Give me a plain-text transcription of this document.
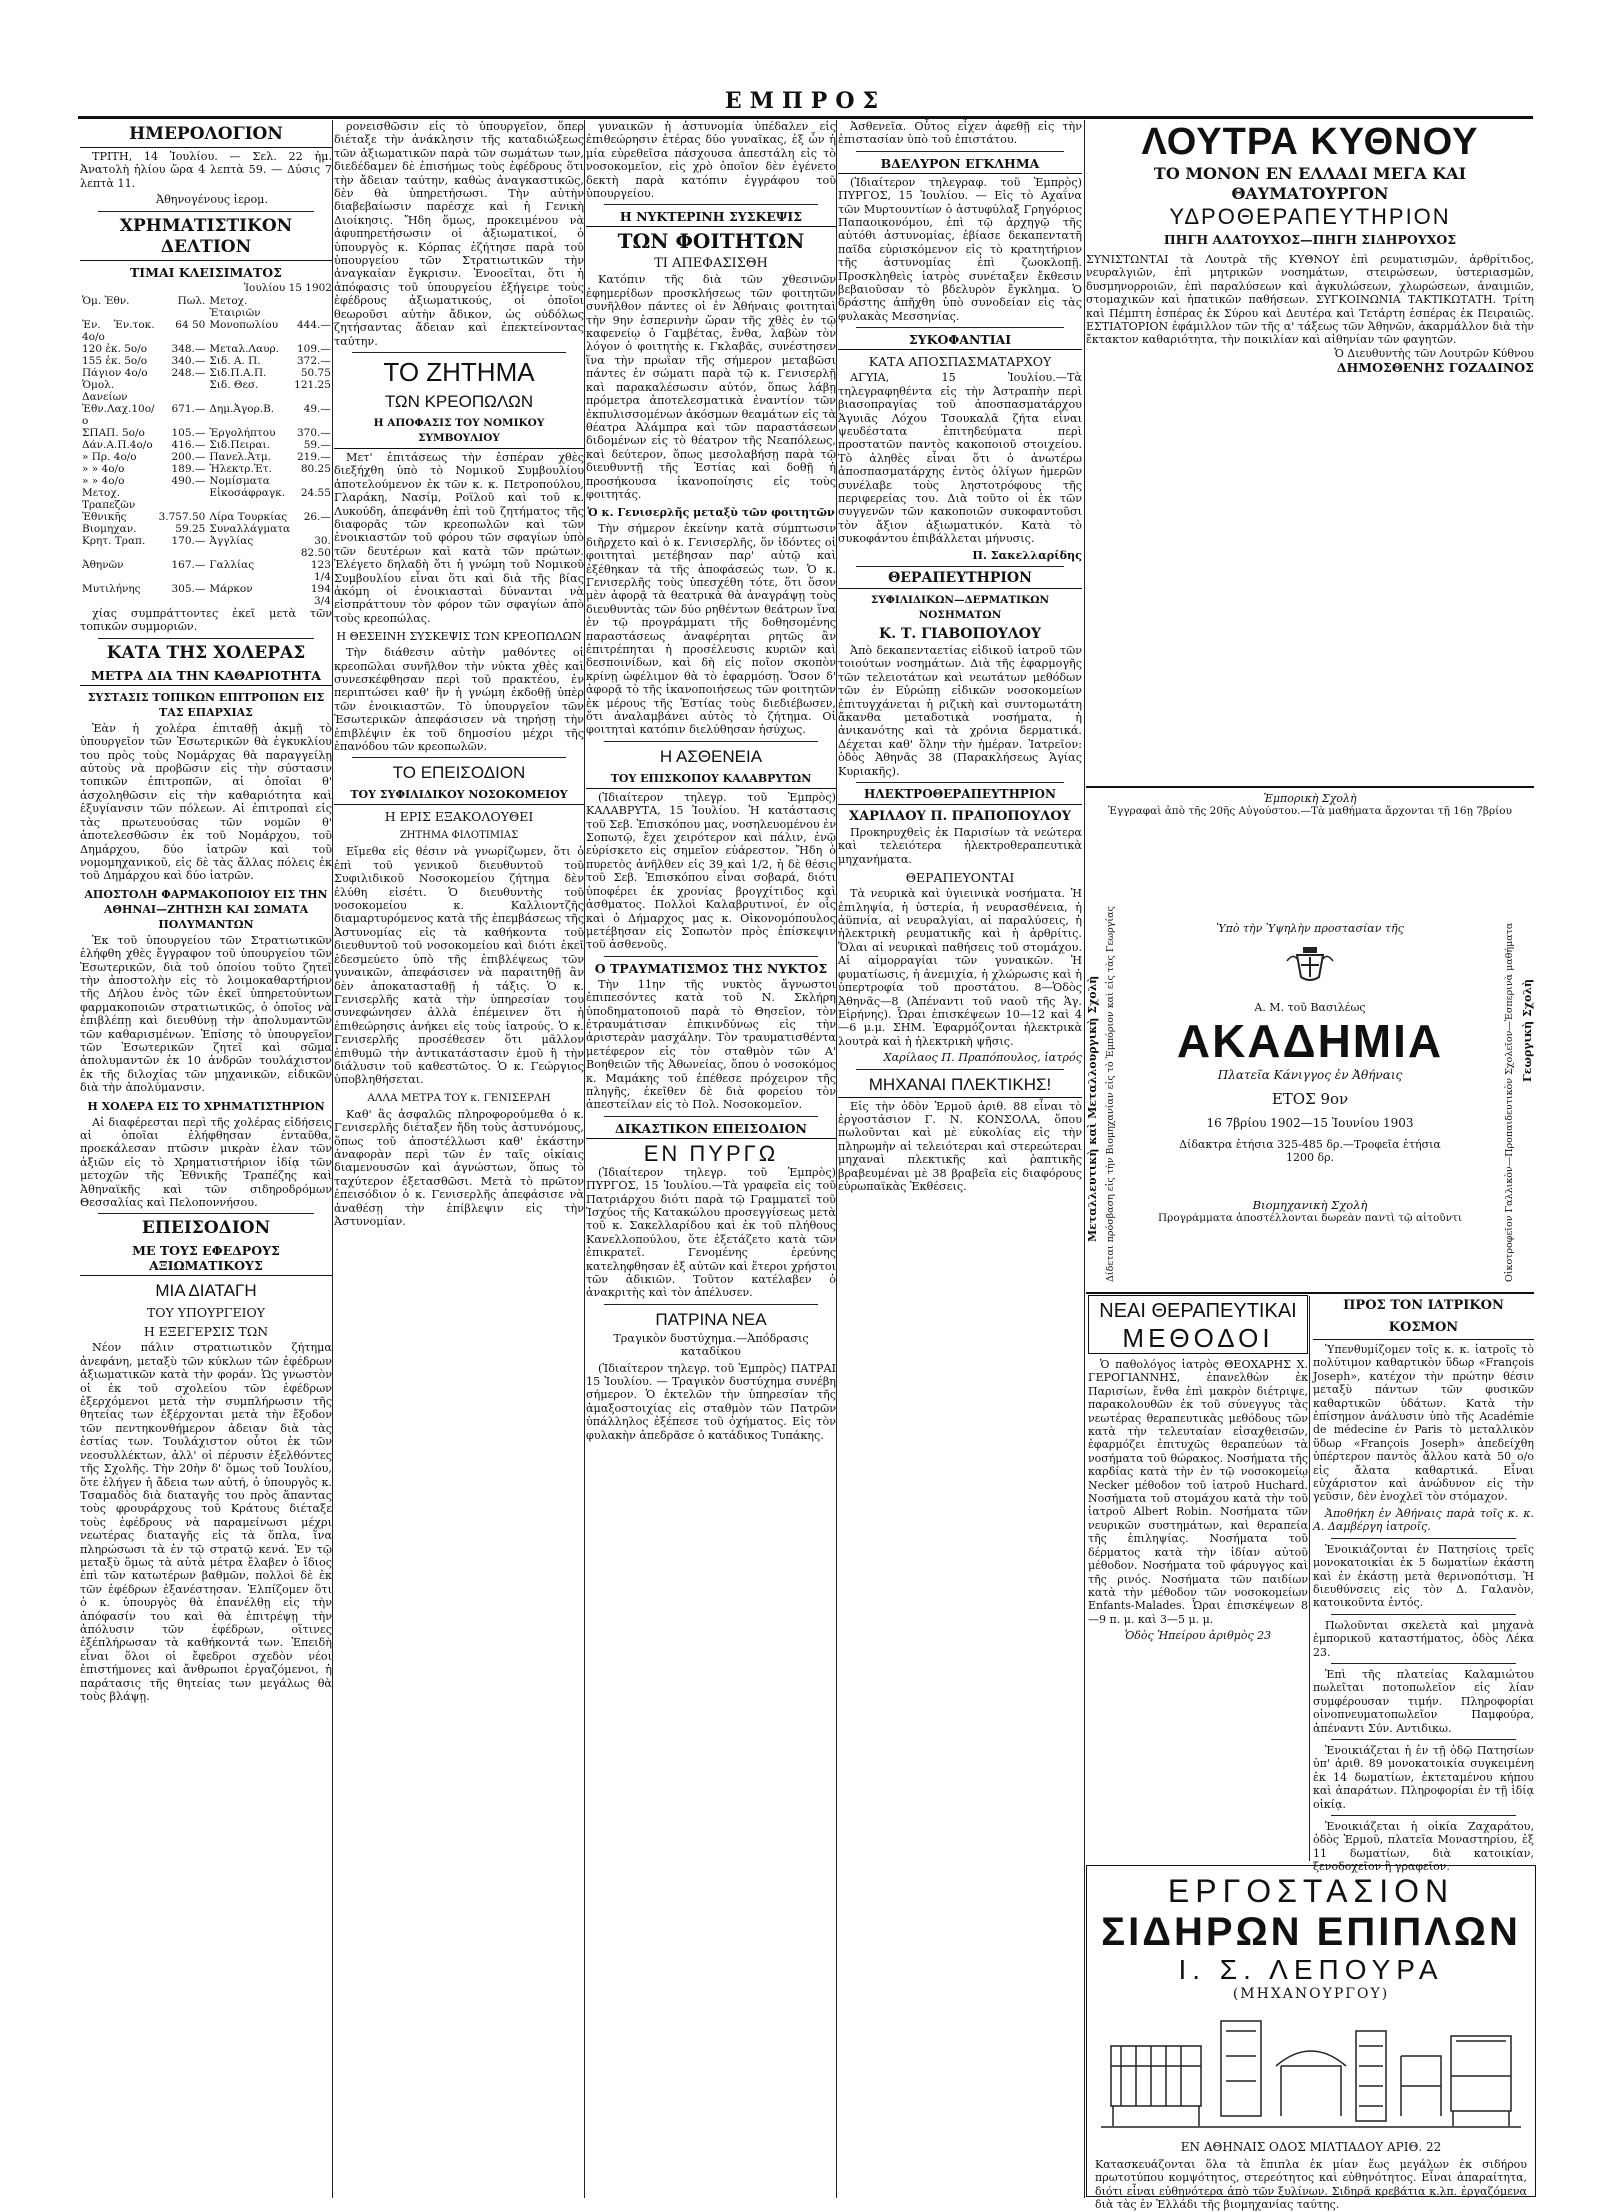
ΕΜΠΡΟΣ
ΗΜΕΡΟΛΟΓΙΟΝ

ΤΡΙΤΗ, 14 Ἰουλίου. — Σελ. 22 ἡμ. Ἀνατολὴ ἡλίου ὥρα 4 λεπτὰ 59. — Δύσις 7 λεπτὰ 11.

Ἀθηνογένους ἱερομ.

ΧΡΗΜΑΤΙΣΤΙΚΟΝ ΔΕΛΤΙΟΝ
ΤΙΜΑΙ ΚΛΕΙΣΙΜΑΤΟΣ
Ἰουλίου 15 1902
Ὁμ. Ἐθν.	Πωλ.	Μετοχ. Ἐταιριῶν	
Ἐν. Ἐν.τοκ. 4ο/ο	64 50	Μονοπωλίου	444.—
120 ἐκ. 5ο/ο	348.—	Μεταλ.Λαυρ.	109.—
155 ἐκ. 5ο/ο	340.—	Σιδ. Α. Π.	372.—
Πάγιον 4ο/ο	248.—	Σιδ.Π.Α.Π.	50.75
Ὁμολ. Δανείων		Σιδ. Θεσ.	121.25
Ἐθν.Λαχ.10ο/ο	671.—	Δημ.Ἀγορ.Β.	49.—
ΣΠΑΠ. 5ο/ο	105.—	Ἐργολήπτου	370.—
Δάν.Α.Π.4ο/ο	416.—	Σιδ.Πειραι.	59.—
» Πρ. 4ο/ο	200.—	Πανελ.Ἀτμ.	219.—
» » 4ο/ο	189.—	Ἠλεκτρ.Ἐτ.	80.25
» » 4ο/ο	490.—	Νομίσματα	
Μετοχ. Τραπεζῶν		Εἰκοσάφραγκ.	24.55
Ἐθνικῆς	3.757.50	Λίρα Τουρκίας	26.—
Βιομηχαν.	59.25	Συναλλάγματα	
Κρητ. Τραπ.	170.—	Ἀγγλίας	30. 82.50
Ἀθηνῶν	167.—	Γαλλίας	123 1/4
Μυτιλήνης	305.—	Μάρκον	194 3/4

χίας συμπράττοντες ἐκεῖ μετὰ τῶν τοπικῶν συμμοριῶν.

ΚΑΤΑ ΤΗΣ ΧΟΛΕΡΑΣ
ΜΕΤΡΑ ΔΙΑ ΤΗΝ ΚΑΘΑΡΙΟΤΗΤΑ
ΣΥΣΤΑΣΙΣ ΤΟΠΙΚΩΝ ΕΠΙΤΡΟΠΩΝ ΕΙΣ ΤΑΣ ΕΠΑΡΧΙΑΣ

Ἐὰν ἡ χολέρα ἐπιταθῇ ἀκμῇ τὸ ὑπουργεῖον τῶν Ἐσωτερικῶν θὰ ἐγκυκλίου του πρὸς τοὺς Νομάρχας θὰ παραγγείλῃ αὐτοὺς νὰ προβῶσιν εἰς τὴν σύστασιν τοπικῶν ἐπιτροπῶν, αἱ ὁποῖαι θ' ἀσχοληθῶσιν εἰς τὴν καθαριότητα καὶ ἐξυγίανσιν τῶν πόλεων. Αἱ ἐπιτροπαὶ εἰς τὰς πρωτευούσας τῶν νομῶν θ' ἀποτελεσθῶσιν ἐκ τοῦ Νομάρχου, τοῦ Δημάρχου, δύο ἰατρῶν καὶ τοῦ νομομηχανικοῦ, εἰς δὲ τὰς ἄλλας πόλεις ἐκ τοῦ Δημάρχου καὶ δύο ἰατρῶν.

ΑΠΟΣΤΟΛΗ ΦΑΡΜΑΚΟΠΟΙΟΥ ΕΙΣ ΤΗΝ ΑΘΗΝΑΙ—ΖΗΤΗΣΗ ΚΑΙ ΣΩΜΑΤΑ ΠΟΛΥΜΑΝΤΩΝ

Ἐκ τοῦ ὑπουργείου τῶν Στρατιωτικῶν ἐλήφθη χθὲς ἔγγραφον τοῦ ὑπουργείου τῶν Ἐσωτερικῶν, διὰ τοῦ ὁποίου τοῦτο ζητεῖ τὴν ἀποστολὴν εἰς τὸ λοιμοκαθαρτήριον τῆς Δήλου ἐνὸς τῶν ἐκεῖ ὑπηρετούντων φαρμακοποιῶν στρατιωτικῶς, ὁ ὁποῖος νὰ ἐπιβλέπῃ καὶ διευθύνῃ τὴν ἀπολυμαντῶν τῶν καθαρισμένων. Ἐπίσης τὸ ὑπουργεῖον τῶν Ἐσωτερικῶν ζητεῖ καὶ σῶμα ἀπολυμαντῶν ἐκ 10 ἀνδρῶν τουλάχιστον ἐκ τῆς διλοχίας τῶν μηχανικῶν, εἰδικῶν διὰ τὴν ἀπολύμανσιν.

Η ΧΟΛΕΡΑ ΕΙΣ ΤΟ ΧΡΗΜΑΤΙΣΤΗΡΙΟΝ

Αἱ διαφέρεσται περὶ τῆς χολέρας εἰδήσεις αἱ ὁποῖαι ἐλήφθησαν ἐνταῦθα, προεκάλεσαν πτῶσιν μικρὰν ἐλαν τῶν ἀξιῶν εἰς τὸ Χρηματιστήριον ἰδίᾳ τῶν μετοχῶν τῆς Ἐθνικῆς Τραπέζης καὶ Ἀθηναϊκῆς καὶ τῶν σιδηροδρόμων Θεσσαλίας καὶ Πελοποννήσου.

ΕΠΕΙΣΟΔΙΟΝ
ΜΕ ΤΟΥΣ ΕΦΕΔΡΟΥΣ ΑΞΙΩΜΑΤΙΚΟΥΣ
ΜΙΑ ΔΙΑΤΑΓΗ
ΤΟΥ ΥΠΟΥΡΓΕΙΟΥ
Η ΕΞΕΓΕΡΣΙΣ ΤΩΝ

Νέον πάλιν στρατιωτικὸν ζήτημα ἀνεφάνη, μεταξὺ τῶν κύκλων τῶν ἐφέδρων ἀξιωματικῶν κατὰ τὴν φοράν. Ὡς γνωστὸν οἱ ἐκ τοῦ σχολείου τῶν ἐφέδρων ἐξερχόμενοι μετὰ τὴν συμπλήρωσιν τῆς θητείας των ἐξέρχονται μετὰ τὴν ἔξοδον τῶν πεντηκονθήμερον ἀδειαν διὰ τὰς ἑστίας των. Τουλάχιστον οὗτοι ἐκ τῶν νεοσυλλέκτων, ἀλλ' οἱ πέρυσιν ἐξελθόντες τῆς Σχολῆς. Τὴν 20ὴν δ' ὅμως τοῦ Ἰουλίου, ὅτε ἐλήγεν ἡ ἄδεια των αὐτή, ὁ ὑπουργὸς κ. Τσαμαδὸς διὰ διαταγῆς του πρὸς ἅπαντας τοὺς φρουράρχους τοῦ Κράτους διέταξε τοὺς ἐφέδρους νὰ παραμείνωσι μέχρι νεωτέρας διαταγῆς εἰς τὰ ὅπλα, ἵνα πληρώσωσι τὰ ἐν τῷ στρατῷ κενά. Ἐν τῷ μεταξὺ ὅμως τὰ αὐτὰ μέτρα ἔλαβεν ὁ ἴδιος ἐπὶ τῶν κατωτέρων βαθμῶν, πολλοὶ δὲ ἐκ τῶν ἐφέδρων ἐξανέστησαν. Ἐλπίζομεν ὅτι ὁ κ. ὑπουργὸς θὰ ἐπανέλθῃ εἰς τὴν ἀπόφασίν του καὶ θὰ ἐπιτρέψῃ τὴν ἀπόλυσιν τῶν ἐφέδρων, οἵτινες ἐξέπλήρωσαν τὰ καθήκοντά των. Ἐπειδὴ εἶναι ὅλοι οἱ ἔφεδροι σχεδὸν νέοι ἐπιστήμονες καὶ ἄνθρωποι ἐργαζόμενοι, ἡ παράτασις τῆς θητείας των μεγάλως θὰ τοὺς βλάψῃ.

ρονεισθῶσιν εἰς τὸ ὑπουργεῖον, ὅπερ διέταξε τὴν ἀνάκλησιν τῆς καταδιώξεως τῶν ἀξιωματικῶν παρὰ τῶν σωμάτων των, διεδέδαμεν δὲ ἐπισήμως τοὺς ἐφέδρους ὅτι τὴν ἄδειαν ταύτην, καθὼς ἀναγκαστικῶς, δὲν θὰ ὑπηρετήσωσι. Τὴν αὐτὴν διαβεβαίωσιν παρέσχε καὶ ἡ Γενικὴ Διοίκησις. Ἤδη ὅμως, προκειμένου νὰ ἀφυπηρετήσωσιν οἱ ἀξιωματικοί, ὁ ὑπουργὸς κ. Κόρπας ἐζήτησε παρὰ τοῦ ὑπουργείου τῶν Στρατιωτικῶν τὴν ἀναγκαίαν ἔγκρισιν. Ἐνοοεῖται, ὅτι ἡ ἀπόφασις τοῦ ὑπουργείου ἐξήγειρε τοὺς ἐφέδρους ἀξιωματικούς, οἱ ὁποῖοι θεωροῦσι αὐτὴν ἄδικον, ὡς οὐδόλως ζητήσαντας ἄδειαν καὶ ἐπεκτείνοντας ταύτην.

ΤΟ ΖΗΤΗΜΑ
ΤΩΝ ΚΡΕΟΠΩΛΩΝ
Η ΑΠΟΦΑΣΙΣ ΤΟΥ ΝΟΜΙΚΟΥ ΣΥΜΒΟΥΛΙΟΥ

Μετ' ἐπιτάσεως τὴν ἑσπέραν χθὲς διεξήχθη ὑπὸ τὸ Νομικοῦ Συμβουλίου ἀποτελούμενον ἐκ τῶν κ. κ. Πετροπούλου, Γλαράκη, Νασίμ, Ροϊλοῦ καὶ τοῦ κ. Λυκούδη, ἀπεφάνθη ἐπὶ τοῦ ζητήματος τῆς διαφορᾶς τῶν κρεοπωλῶν καὶ τῶν ἐνοικιαστῶν τοῦ φόρου τῶν σφαγίων ὑπὸ τῶν δευτέρων καὶ κατὰ τῶν πρώτων. Ἐλέγετο δηλαδὴ ὅτι ἡ γνώμη τοῦ Νομικοῦ Συμβουλίου εἶναι ὅτι καὶ διὰ τῆς βίας ἀκόμη οἱ ἐνοικιασταὶ δύνανται νὰ εἰσπράττουν τὸν φόρον τῶν σφαγίων ἀπὸ τοὺς κρεοπώλας.

Η ΘΕΣΕΙΝΗ ΣΥΣΚΕΨΙΣ ΤΩΝ ΚΡΕΟΠΩΛΩΝ

Τὴν διάθεσιν αὐτὴν μαθόντες οἱ κρεοπῶλαι συνῆλθον τὴν νύκτα χθὲς καὶ συνεσκέφθησαν περὶ τοῦ πρακτέου, ἐν περιπτώσει καθ' ἣν ἡ γνώμη ἐκδοθῇ ὑπὲρ τῶν ἐνοικιαστῶν. Τὸ ὑπουργεῖον τῶν Ἐσωτερικῶν ἀπεφάσισεν νὰ τηρήσῃ τὴν ἐπιβλέψιν ἐκ τοῦ δημοσίου μέχρι τῆς ἐπανόδου τῶν κρεοπωλῶν.

ΤΟ ΕΠΕΙΣΟΔΙΟΝ
ΤΟΥ ΣΥΦΙΛΙΔΙΚΟΥ ΝΟΣΟΚΟΜΕΙΟΥ
Η ΕΡΙΣ ΕΞΑΚΟΛΟΥΘΕΙ
ΖΗΤΗΜΑ ΦΙΛΟΤΙΜΙΑΣ

Εἴμεθα εἰς θέσιν νὰ γνωρίζωμεν, ὅτι ὁ ἐπὶ τοῦ γενικοῦ διευθυντοῦ τοῦ Συφιλιδικοῦ Νοσοκομείου ζήτημα δὲν ἐλύθη εἰσέτι. Ὁ διευθυντὴς τοῦ νοσοκομείου κ. Καλλιοντζῆς διαμαρτυρόμενος κατὰ τῆς ἐπεμβάσεως τῆς Ἀστυνομίας εἰς τὰ καθήκοντα τοῦ διευθυντοῦ τοῦ νοσοκομείου καὶ διότι ἐκεῖ ἐδεσμεύετο ὑπὸ τῆς ἐπιβλέψεως τῶν γυναικῶν, ἀπεφάσισεν νὰ παραιτηθῇ ἂν δὲν ἀποκατασταθῇ ἡ τάξις. Ὁ κ. Γενισερλῆς κατὰ τὴν ὑπηρεσίαν του συνεφώνησεν ἀλλὰ ἐπέμεινεν ὅτι ἡ ἐπιθεώρησις ἀνήκει εἰς τοὺς ἰατρούς. Ὁ κ. Γενισερλῆς προσέθεσεν ὅτι μᾶλλον ἐπιθυμῶ τὴν ἀντικατάστασιν ἐμοῦ ἢ τὴν διάλυσιν τοῦ καθεστῶτος. Ὁ κ. Γεώργιος ὑποβληθήσεται.

ΑΛΛΑ ΜΕΤΡΑ ΤΟΥ κ. ΓΕΝΙΣΕΡΛΗ

Καθ' ἃς ἀσφαλῶς πληροφορούμεθα ὁ κ. Γενισερλῆς διέταξεν ἤδη τοὺς ἀστυνόμους, ὅπως τοῦ ἀποστέλλωσι καθ' ἑκάστην ἀναφορὰν περὶ τῶν ἐν ταῖς οἰκίαις διαμενουσῶν καὶ ἀγνώστων, ὅπως τὸ ταχύτερον ἐξετασθῶσι. Μετὰ τὸ πρῶτον ἐπεισόδιον ὁ κ. Γενισερλῆς ἀπεφάσισε νὰ ἀναθέσῃ τὴν ἐπίβλεψιν εἰς τὴν Ἀστυνομίαν.

γυναικῶν ἡ ἀστυνομία ὑπέδαλεν εἰς ἐπιθεώρησιν ἑτέρας δύο γυναῖκας, ἐξ ὧν ἡ μία εὑρεθεῖσα πάσχουσα ἀπεστάλη εἰς τὸ νοσοκομεῖον, εἰς χρὸ ὁποῖον δὲν ἐγένετο δεκτὴ παρὰ κατόπιν ἐγγράφου τοῦ ὑπουργείου.

Η ΝΥΚΤΕΡΙΝΗ ΣΥΣΚΕΨΙΣ
ΤΩΝ ΦΟΙΤΗΤΩΝ
ΤΙ ΑΠΕΦΑΣΙΣΘΗ

Κατόπιν τῆς διὰ τῶν χθεσινῶν ἐφημερίδων προσκλήσεως τῶν φοιτητῶν συνῆλθον πάντες οἱ ἐν Ἀθήναις φοιτηταὶ τὴν 9ην ἑσπερινὴν ὥραν τῆς χθὲς ἐν τῷ καφενείῳ ὁ Γαμβέτας, ἔνθα, λαβὼν τὸν λόγον ὁ φοιτητὴς κ. Γκλαβᾶς, συνέστησεν ἵνα τὴν πρωΐαν τῆς σήμερον μεταβῶσι πάντες ἐν σώματι παρὰ τῷ κ. Γενισερλῇ καὶ παρακαλέσωσιν αὐτόν, ὅπως λάβῃ πρόμετρα ἀποτελεσματικὰ ἐναντίον τῶν ἐκπυλισσομένων ἀκόσμων θεαμάτων εἰς τὰ θέατρα Ἀλάμπρα καὶ τῶν παραστάσεων διδομένων εἰς τὸ θέατρον τῆς Νεαπόλεως, καὶ δεύτερον, ὅπως μεσολαβήσῃ παρὰ τῷ διευθυντῇ τῆς Ἑστίας καὶ δοθῇ ἡ προσήκουσα ἱκανοποίησις εἰς τοὺς φοιτητάς.

Ὁ κ. Γενισερλῆς μεταξὺ τῶν φοιτητῶν

Τὴν σήμερον ἐκείνην κατὰ σύμπτωσιν διῆρχετο καὶ ὁ κ. Γενισερλῆς, ὅν ἰδόντες οἱ φοιτηταὶ μετέβησαν παρ' αὐτῷ καὶ ἐξέθηκαν τὰ τῆς ἀποφάσεώς των. Ὁ κ. Γενισερλῆς τοὺς ὑπεσχέθη τότε, ὅτι ὅσον μὲν ἀφορᾷ τὰ θεατρικὰ θὰ ἀναγράψῃ τοὺς διευθυντὰς τῶν δύο ρηθέντων θεάτρων ἵνα ἐν τῷ προγράμματι τῆς δοθησομένης παραστάσεως ἀναφέρηται ρητῶς ἂν ἐπιτρέπηται ἡ προσέλευσις κυριῶν καὶ δεσποινίδων, καὶ δὴ εἰς ποῖον σκοπὸν κρίνῃ ὠφέλιμον θὰ τὸ ἐφαρμόσῃ. Ὅσον δ' ἀφορᾷ τὸ τῆς ἱκανοποιήσεως τῶν φοιτητῶν ἐκ μέρους τῆς Ἑστίας τοὺς διεδιέβωσεν, ὅτι ἀναλαμβάνει αὐτὸς τὸ ζήτημα. Οἱ φοιτηταὶ κατόπιν διελύθησαν ἡσύχως.

Η ΑΣΘΕΝΕΙΑ
ΤΟΥ ΕΠΙΣΚΟΠΟΥ ΚΑΛΑΒΡΥΤΩΝ

(Ἰδιαίτερον τηλεγρ. τοῦ Ἐμπρὸς) ΚΑΛΑΒΡΥΤΑ, 15 Ἰουλίου. Ἡ κατάστασις τοῦ Σεβ. Ἐπισκόπου μας, νοσηλευομένου ἐν Σοπωτῷ, ἔχει χειρότερον καὶ πάλιν, ἐνῷ εὑρίσκετο εἰς σημεῖον εὐάρεστον. Ἤδη ὁ πυρετὸς ἀνῆλθεν εἰς 39 καὶ 1/2, ἡ δὲ θέσις τοῦ Σεβ. Ἐπισκόπου εἶναι σοβαρά, διότι ὑποφέρει ἐκ χρονίας βρογχίτιδος καὶ ἀσθματος. Πολλοὶ Καλαβρυτινοί, ἐν οἷς καὶ ὁ Δήμαρχος μας κ. Οἰκονομόπουλος μετέβησαν εἰς Σοπωτὸν πρὸς ἐπίσκεψιν τοῦ ἀσθενοῦς.

Ο ΤΡΑΥΜΑΤΙΣΜΟΣ ΤΗΣ ΝΥΚΤΟΣ

Τὴν 11ην τῆς νυκτὸς ἄγνωστοι ἐπιπεσόντες κατὰ τοῦ Ν. Σκλήρη ὑποδηματοποιοῦ παρὰ τὸ Θησεῖον, τὸν ἐτραυμάτισαν ἐπικινδύνως εἰς τὴν ἀριστερὰν μασχάλην. Τὸν τραυματισθέντα μετέφερον εἰς τὸν σταθμὸν τῶν Α' Βοηθειῶν τῆς Ἀθωνείας, ὅπου ὁ νοσοκόμος κ. Μαμάκης τοῦ ἐπέθεσε πρόχειρον τῆς πληγῆς, ἐκεῖθεν δὲ διὰ φορείου τὸν ἀπεστείλαν εἰς τὸ Πολ. Νοσοκομεῖον.

ΔΙΚΑΣΤΙΚΟΝ ΕΠΕΙΣΟΔΙΟΝ
ΕΝ ΠΥΡΓΩ

(Ἰδιαίτερον τηλεγρ. τοῦ Ἐμπρὸς) ΠΥΡΓΟΣ, 15 Ἰουλίου.—Τὰ γραφεῖα εἰς τοῦ Πατριάρχου διότι παρὰ τῷ Γραμματεῖ τοῦ Ἰσχύος τῆς Κατακώλου προσεγγίσεως μετὰ τοῦ κ. Σακελλαρίδου καὶ ἐκ τοῦ πλήθους Κανελλοπούλου, ὅτε ἐξετάζετο κατὰ τῶν ἐπικρατεῖ. Γενομένης ἐρεύνης κατεληφθησαν ἐξ αὐτῶν καὶ ἕτεροι χρήστοι τῶν ἀδικιῶν. Τοῦτον κατέλαβεν ὁ ἀνακριτὴς καὶ τὸν ἀπέλυσεν.

ΠΑΤΡΙΝΑ ΝΕΑ

Τραγικὸν δυστύχημα.—Ἀπόδρασις καταδίκου

(Ἰδιαίτερον τηλεγρ. τοῦ Ἐμπρὸς) ΠΑΤΡΑΙ 15 Ἰουλίου. — Τραγικὸν δυστύχημα συνέβη σήμερον. Ὁ ἐκτελῶν τὴν ὑπηρεσίαν τῆς ἀμαξοστοιχίας εἰς σταθμὸν τῶν Πατρῶν ὑπάλληλος ἐξέπεσε τοῦ ὀχήματος. Εἰς τὸν φυλακὴν ἀπεδρᾶσε ὁ κατάδικος Τυπάκης.

Ἀσθενεῖα. Οὗτος εἶχεν ἀφεθῇ εἰς τὴν ἐπιστασίαν ὑπὸ τοῦ ἐπιστάτου.

ΒΔΕΛΥΡΟΝ ΕΓΚΛΗΜΑ

(Ἰδιαίτερον τηλεγραφ. τοῦ Ἐμπρὸς) ΠΥΡΓΟΣ, 15 Ἰουλίου. — Εἰς τὸ Αχαΐνα τῶν Μυρτουντίων ὁ ἀστυφύλαξ Γρηγόριος Παπαοικονόμου, ἐπὶ τῷ ἀρχηγῷ τῆς αὐτόθι ἀστυνομίας, ἐβίασε δεκαπεντατῆ παῖδα εὑρισκόμενον εἰς τὸ κρατητήριον τῆς ἀστυνομίας ἐπὶ ζωοκλοπῇ. Προσκληθεὶς ἰατρὸς συνέταξεν ἔκθεσιν βεβαιοῦσαν τὸ βδελυρὸν ἔγκλημα. Ὁ δράστης ἀπῆχθη ὑπὸ συνοδείαν εἰς τὰς φυλακὰς Μεσσηνίας.

ΣΥΚΟΦΑΝΤΙΑΙ
ΚΑΤΑ ΑΠΟΣΠΑΣΜΑΤΑΡΧΟΥ

ΑΓΥΙΑ, 15 Ἰουλίου.—Τὰ τηλεγραφηθέντα εἰς τὴν Ἀστραπὴν περὶ βιασοπραγίας τοῦ ἀποσπασματάρχου Ἀγυιᾶς Λόχου Τσουκαλᾶ ζήτα εἶναι ψευδέστατα ἐπιτηδεύματα περὶ προστατῶν παντὸς κακοποιοῦ στοιχείου. Τὸ ἀληθὲς εἶναι ὅτι ὁ ἀνωτέρω ἀποσπασματάρχης ἐντὸς ὀλίγων ἡμερῶν συνέλαβε τοὺς ληστοτρόφους τῆς περιφερείας του. Διὰ τοῦτο οἱ ἐκ τῶν συγγενῶν τῶν κακοποιῶν συκοφαντοῦσι τὸν ἄξιον ἀξιωματικόν. Κατὰ τὸ συκοφάντου ἐπιβάλλεται μήνυσις.

Π. Σακελλαρίδης
ΘΕΡΑΠΕΥΤΗΡΙΟΝ
ΣΥΦΙΛΙΔΙΚΩΝ—ΔΕΡΜΑΤΙΚΩΝ ΝΟΣΗΜΑΤΩΝ
Κ. Τ. ΓΙΑΒΟΠΟΥΛΟΥ

Ἀπὸ δεκαπενταετίας εἰδικοῦ ἰατροῦ τῶν τοιούτων νοσημάτων. Διὰ τῆς ἐφαρμογῆς τῶν τελειοτάτων καὶ νεωτάτων μεθόδων τῶν ἐν Εὐρώπῃ εἰδικῶν νοσοκομείων ἐπιτυγχάνεται ἡ ριζικὴ καὶ συντομωτάτη ἄκανθα μεταδοτικὰ νοσήματα, ἡ ἀνικανότης καὶ τὰ χρόνια δερματικά. Δέχεται καθ' ὅλην τὴν ἡμέραν. Ἰατρεῖον: ὁδὸς Ἀθηνᾶς 38 (Παρακλήσεως Ἁγίας Κυριακῆς).

ΗΛΕΚΤΡΟΘΕΡΑΠΕΥΤΗΡΙΟΝ
ΧΑΡΙΛΑΟΥ Π. ΠΡΑΠΟΠΟΥΛΟΥ

Προκηρυχθεὶς ἐκ Παρισίων τὰ νεώτερα καὶ τελειότερα ἠλεκτροθεραπευτικὰ μηχανήματα.

ΘΕΡΑΠΕΥΟΝΤΑΙ

Τὰ νευρικὰ καὶ ὑγιεινικὰ νοσήματα. Ἡ ἐπιληψία, ἡ ὑστερία, ἡ νευρασθένεια, ἡ ἀϋπνία, αἱ νευραλγίαι, αἱ παραλύσεις, ἡ ἠλεκτρικὴ ρευματικῆς καὶ ἡ ἀρθρίτις. Ὅλαι αἱ νευρικαὶ παθήσεις τοῦ στομάχου. Αἱ αἱμορραγίαι τῶν γυναικῶν. Ἡ φυματίωσις, ἡ ἀνεμιχία, ἡ χλώρωσις καὶ ἡ ὑπερτροφία τοῦ προστάτου. 8—Ὁδὸς Ἀθηνᾶς—8 (Ἀπέναντι τοῦ ναοῦ τῆς Ἁγ. Εἰρήνης). Ὧραι ἐπισκέψεων 10—12 καὶ 4—6 μ.μ. ΣΗΜ. Ἐφαρμόζονται ἠλεκτρικὰ λουτρὰ καὶ ἡ ἠλεκτρικὴ ψῆσις.

Χαρίλαος Π. Πραπόπουλος, ἰατρός
ΜΗΧΑΝΑΙ ΠΛΕΚΤΙΚΗΣ!

Εἰς τὴν ὁδὸν Ἑρμοῦ ἀριθ. 88 εἶναι τὸ ἐργοστάσιον Γ. Ν. ΚΟΝΣΟΛΑ, ὅπου πωλοῦνται καὶ μὲ εὐκολίας εἰς τὴν πληρωμὴν αἱ τελειότεραι καὶ στερεώτεραι μηχαναὶ πλεκτικῆς καὶ ῥαπτικῆς βραβευμέναι μὲ 38 βραβεῖα εἰς διαφόρους εὐρωπαϊκὰς Ἐκθέσεις.

ΛΟΥΤΡΑ ΚΥΘΝΟΥ
ΤΟ ΜΟΝΟΝ ΕΝ ΕΛΛΑΔΙ ΜΕΓΑ ΚΑΙ ΘΑΥΜΑΤΟΥΡΓΟΝ
ΥΔΡΟΘΕΡΑΠΕΥΤΗΡΙΟΝ
ΠΗΓΗ ΑΛΑΤΟΥΧΟΣ—ΠΗΓΗ ΣΙΔΗΡΟΥΧΟΣ
ΣΥΝΙΣΤΩΝΤΑΙ τὰ Λουτρὰ τῆς ΚΥΘΝΟΥ ἐπὶ ρευματισμῶν, ἀρθρίτιδος, νευραλγιῶν, ἐπὶ μητρικῶν νοσημάτων, στειρώσεων, ὑστεριασμῶν, δυσμηνορροιῶν, ἐπὶ παραλύσεων καὶ ἀγκυλώσεων, χλωρώσεων, ἀναιμιῶν, στομαχικῶν καὶ ἡπατικῶν παθήσεων. ΣΥΓΚΟΙΝΩΝΙΑ ΤΑΚΤΙΚΩΤΑΤΗ. Τρίτη καὶ Πέμπτη ἑσπέρας ἐκ Σύρου καὶ Δευτέρα καὶ Τετάρτη ἑσπέρας ἐκ Πειραιῶς. ΕΣΤΙΑΤΟΡΙΟΝ ἐφάμιλλον τῶν τῆς α' τάξεως τῶν Ἀθηνῶν, ἀκαρμάλλον διὰ τὴν ἔκτακτον καθαριότητα, τὴν ποικιλίαν καὶ αἰθηνίαν τῶν φαγητῶν.
Ὁ Διευθυντὴς τῶν Λουτρῶν Κύθνου
ΔΗΜΟΣΘΕΝΗΣ ΓΟΖΑΔΙΝΟΣ
Ἐμπορικὴ Σχολὴ
Ἐγγραφαὶ ἀπὸ τῆς 20ῆς Αὐγούστου.—Τὰ μαθήματα ἄρχονται τῇ 16ῃ 7βρίου
Μεταλλευτικὴ καὶ Μεταλλουργικὴ Σχολὴ Δίδεται πρόσβαση εἰς τὴν Βιομηχανίαν εἰς τὸ Ἐμπόριον καὶ εἰς τὰς Γεωργίας	Γεωργικὴ Σχολὴ
Οἰκοτροφεῖον Γαλλικὸν—Προπαιδευτικὸν Σχολεῖον—Ἑσπερινὰ μαθήματα
Ὑπὸ τὴν Ὑψηλὴν προστασίαν τῆς
Α. Μ. τοῦ Βασιλέως
ΑΚΑΔΗΜΙΑ
Πλατεῖα Κάνιγγος ἐν Ἀθήναις
ΕΤΟΣ 9ον
16 7βρίου 1902—15 Ἰουνίου 1903
Δίδακτρα ἐτήσια 325-485 δρ.—Τροφεῖα ἐτήσια 1200 δρ.
Βιομηχανικὴ Σχολὴ
Προγράμματα ἀποστέλλονται δωρεὰν παντὶ τῷ αἰτοῦντι
ΝΕΑΙ ΘΕΡΑΠΕΥΤΙΚΑΙ
ΜΕΘΟΔΟΙ

Ὁ παθολόγος ἰατρὸς ΘΕΟΧΑΡΗΣ Χ. ΓΕΡΟΓΙΑΝΝΗΣ, ἐπανελθὼν ἐκ Παρισίων, ἔνθα ἐπὶ μακρὸν διέτριψε, παρακολουθῶν ἐκ τοῦ σύνεγγυς τὰς νεωτέρας θεραπευτικὰς μεθόδους τῶν κατὰ τὴν τελευταίαν εἰσαχθεισῶν, ἐφαρμόζει ἐπιτυχῶς θεραπεύων τὰ νοσήματα τοῦ θώρακος. Νοσήματα τῆς καρδίας κατὰ τὴν ἐν τῷ νοσοκομείῳ Necker μέθοδον τοῦ ἰατροῦ Huchard. Νοσήματα τοῦ στομάχου κατὰ τὴν τοῦ ἰατροῦ Albert Robin. Νοσήματα τῶν νευρικῶν συστημάτων, καὶ θεραπεία τῆς ἐπιληψίας. Νοσήματα τοῦ δέρματος κατὰ τὴν ἰδίαν αὐτοῦ μέθοδον. Νοσήματα τοῦ φάρυγγος καὶ τῆς ρινός. Νοσήματα τῶν παιδίων κατὰ τὴν μέθοδον τῶν νοσοκομείων Enfants-Malades. Ὧραι ἐπισκέψεων 8—9 π. μ. καὶ 3—5 μ. μ.

Ὁδὸς Ἠπείρου ἀριθμὸς 23
ΠΡΟΣ ΤΟΝ ΙΑΤΡΙΚΟΝ ΚΟΣΜΟΝ

Ὑπενθυμίζομεν τοῖς κ. κ. ἰατροῖς τὸ πολύτιμον καθαρτικὸν ὕδωρ «François Joseph», κατέχον τὴν πρώτην θέσιν μεταξὺ πάντων τῶν φυσικῶν καθαρτικῶν ὑδάτων. Κατὰ τὴν ἐπίσημον ἀνάλυσιν ὑπὸ τῆς Académie de médecine ἐν Paris τὸ μεταλλικὸν ὕδωρ «François Joseph» ἀπεδείχθη ὑπέρτερον παντὸς ἄλλου κατὰ 50 ο/ο εἰς ἄλατα καθαρτικά. Εἶναι εὐχάριστον καὶ ἀνώδυνον εἰς τὴν γεῦσιν, δὲν ἐνοχλεῖ τὸν στόμαχον.

Ἀποθήκη ἐν Ἀθήναις παρὰ τοῖς κ. κ. Α. Δαμβέργη ἰατροῖς.

Ἐνοικιάζονται ἐν Πατησίοις τρεῖς μονοκατοικίαι ἐκ 5 δωματίων ἑκάστη καὶ ἐν ἑκάστῃ μετὰ θερινοπότισμ. Ἡ διευθύνσεις εἰς τὸν Δ. Γαλανὸν, κατοικοῦντα ἐντός.

Πωλοῦνται σκελετὰ καὶ μηχανὰ ἐμπορικοῦ καταστήματος, ὁδὸς Λέκα 23.

Ἐπὶ τῆς πλατείας Καλαμιώτου πωλεῖται ποτοπωλεῖον εἰς λίαν συμφέρουσαν τιμήν. Πληροφορίαι οἰνοπνευματοπωλεῖον Παμφούρα, ἀπέναντι Σύν. Αντιδικω.

Ἐνοικιάζεται ἡ ἐν τῇ ὁδῷ Πατησίων ὑπ' ἀριθ. 89 μονοκατοικία συγκειμένη ἐκ 14 δωματίων, ἐκτεταμένου κήπου καὶ ἀπαράτων. Πληροφορίαι ἐν τῇ ἰδίᾳ οἰκίᾳ.

Ἐνοικιάζεται ἡ οἰκία Ζαχαράτου, ὁδὸς Ἑρμοῦ, πλατεῖα Μοναστηρίου, ἐξ 11 δωματίων, διὰ κατοικίαν, ξενοδοχεῖον ἢ γραφεῖον.

ΕΡΓΟΣΤΑΣΙΟΝ
ΣΙΔΗΡΩΝ ΕΠΙΠΛΩΝ
Ι. Σ. ΛΕΠΟΥΡΑ
(ΜΗΧΑΝΟΥΡΓΟΥ)
ΕΝ ΑΘΗΝΑΙΣ ΟΔΟΣ ΜΙΛΤΙΑΔΟΥ ΑΡΙΘ. 22
Κατασκευάζονται ὅλα τὰ ἔπιπλα ἐκ μίαν ἕως μεγάλων ἐκ σιδήρου πρωτοτύπου κομψότητος, στερεότητος καὶ εὐθηνότητος. Εἶναι ἀπαραίτητα, διότι εἶναι εὐθηνότερα ἀπὸ τῶν ξυλίνων. Σιδηρᾶ κρεβάτια κ.λπ. ἐργαζόμενα διὰ τὰς ἐν Ἑλλάδι τῆς βιομηχανίας ταύτης.
